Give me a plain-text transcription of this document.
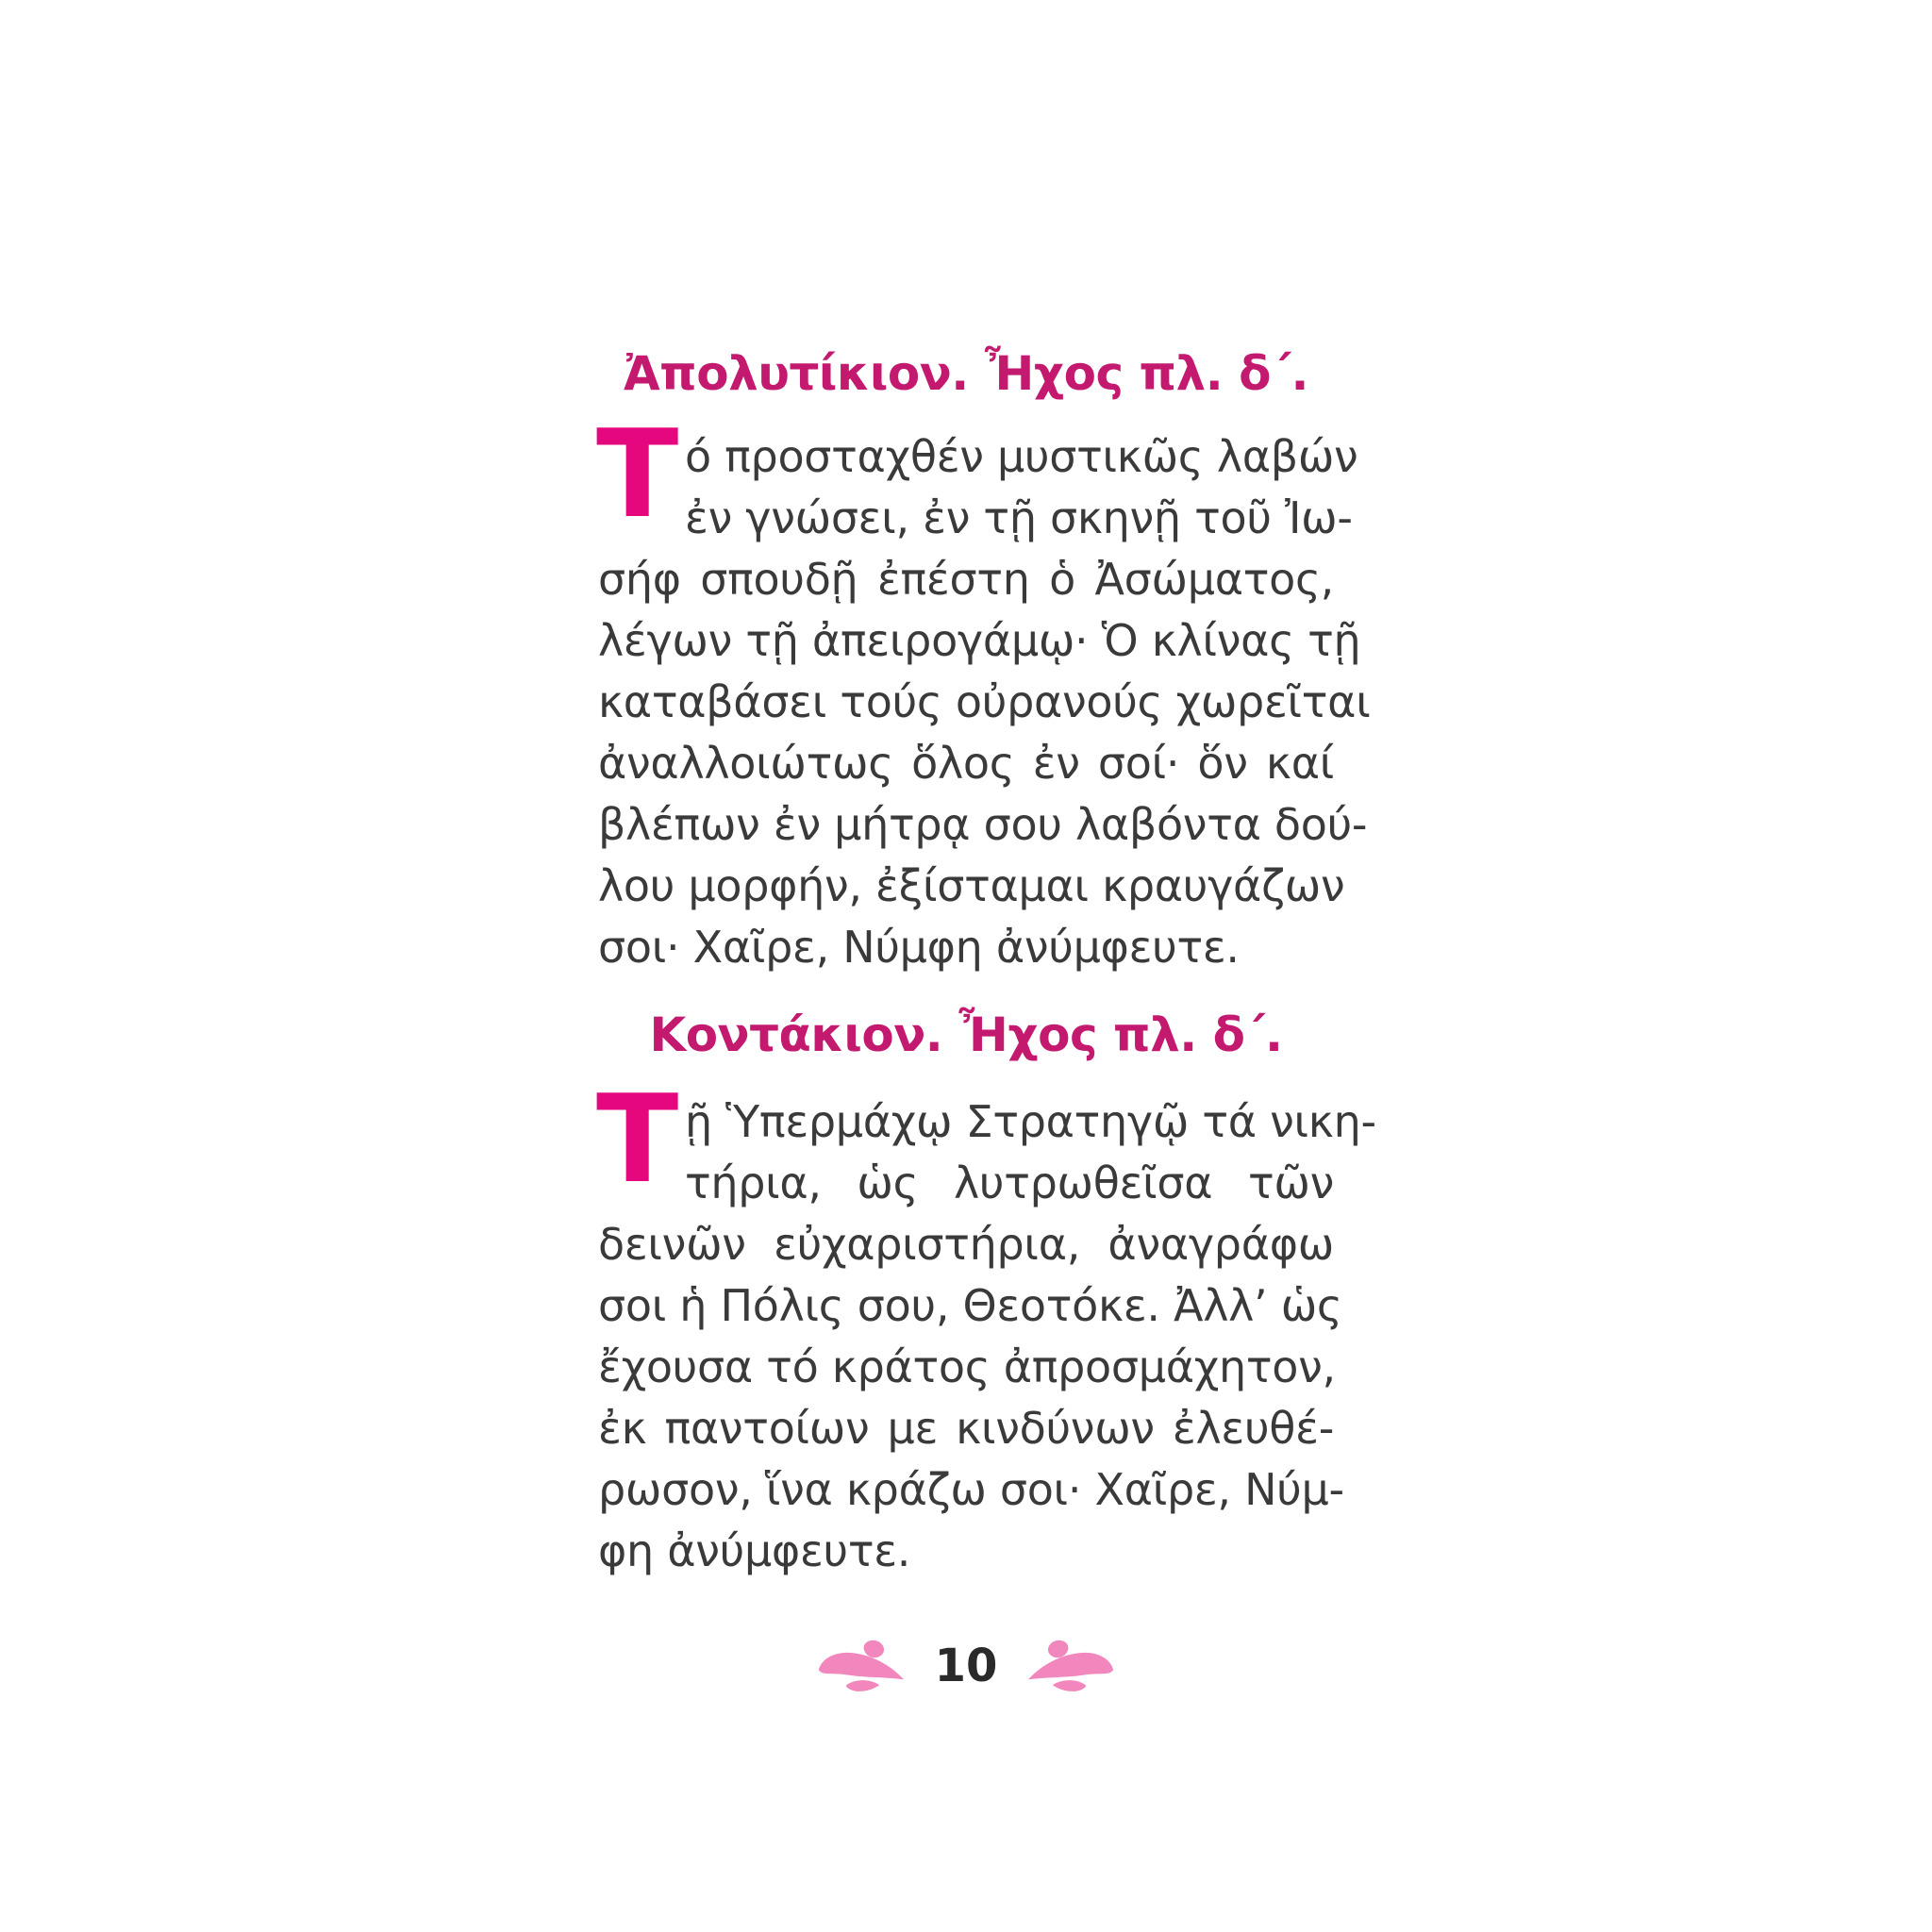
Ἀπολυτίκιον. Ἦχος πλ. δ΄.
Τ ό προσταχθέν μυστικῶς λαβών
ἐν γνώσει, ἐν τῇ σκηνῇ τοῦ Ἰω-
σήφ σπουδῇ ἐπέστη ὁ Ἀσώματος,
λέγων τῇ ἀπειρογάμῳ· Ὁ κλίνας τῇ
καταβάσει τούς οὐρανούς χωρεῖται
ἀναλλοιώτως ὅλος ἐν σοί· ὅν καί
βλέπων ἐν μήτρᾳ σου λαβόντα δού-
λου μορφήν, ἐξίσταμαι κραυγάζων
σοι· Χαῖρε, Νύμφη ἀνύμφευτε.
Κοντάκιον. Ἦχος πλ. δ΄.
Τ ῇ Ὑπερμάχῳ Στρατηγῷ τά νικη-
τήρια, ὡς λυτρωθεῖσα τῶν
δεινῶν εὐχαριστήρια, ἀναγράφω
σοι ἡ Πόλις σου, Θεοτόκε. Ἀλλ’ ὡς
ἔχουσα τό κράτος ἀπροσμάχητον,
ἐκ παντοίων με κινδύνων ἐλευθέ-
ρωσον, ἵνα κράζω σοι· Χαῖρε, Νύμ-
φη ἀνύμφευτε.
10
